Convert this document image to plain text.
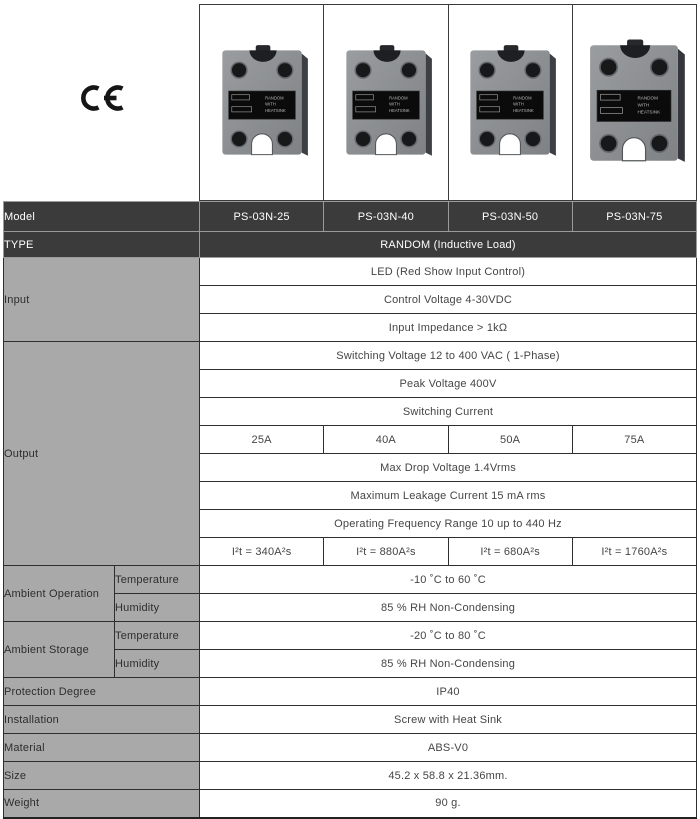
RANDOM
WITH
HEATSINK
RANDOM
WITH
HEATSINK
RANDOM
WITH
HEATSINK
RANDOM
WITH
HEATSINK
Model		PS-03N-25	PS-03N-40	PS-03N-50	PS-03N-75
TYPE		RANDOM (Inductive Load)			
Input		LED (Red Show Input Control)			
		Control Voltage 4-30VDC			
		Input Impedance > 1kΩ			
Output		Switching Voltage 12 to 400 VAC ( 1-Phase)			
		Peak Voltage 400V			
		Switching Current			
		25A	40A	50A	75A
		Max Drop Voltage 1.4Vrms			
		Maximum Leakage Current 15 mA rms			
		Operating Frequency Range 10 up to 440 Hz			
		I²t = 340A²s	I²t = 880A²s	I²t = 680A²s	I²t = 1760A²s
Ambient Operation	Temperature	-10 ˚C to 60 ˚C			
	Humidity	85 % RH Non-Condensing			
Ambient Storage	Temperature	-20 ˚C to 80 ˚C			
	Humidity	85 % RH Non-Condensing			
Protection Degree		IP40			
Installation		Screw with Heat Sink			
Material		ABS-V0			
Size		45.2 x 58.8 x 21.36mm.			
Weight		90 g.			
